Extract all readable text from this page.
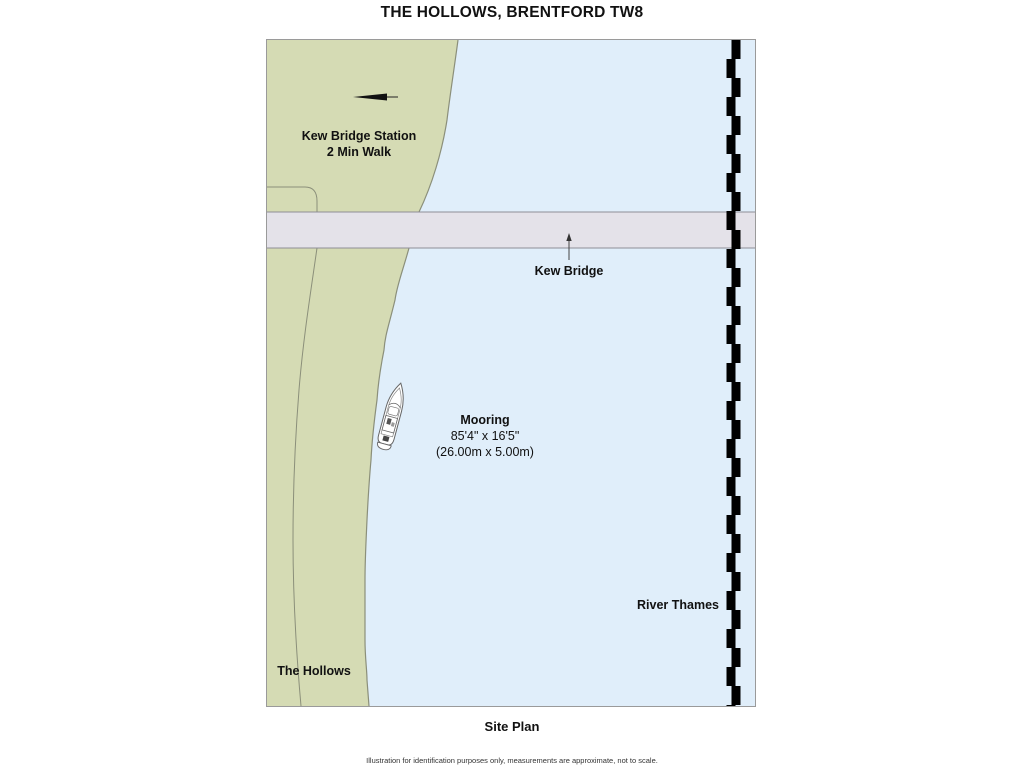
THE HOLLOWS, BRENTFORD TW8
Kew Bridge Station
2 Min Walk
Kew Bridge
Mooring
85'4" x 16'5"
(26.00m x 5.00m)
River Thames
The Hollows
Site Plan
Illustration for identification purposes only, measurements are approximate, not to scale.
